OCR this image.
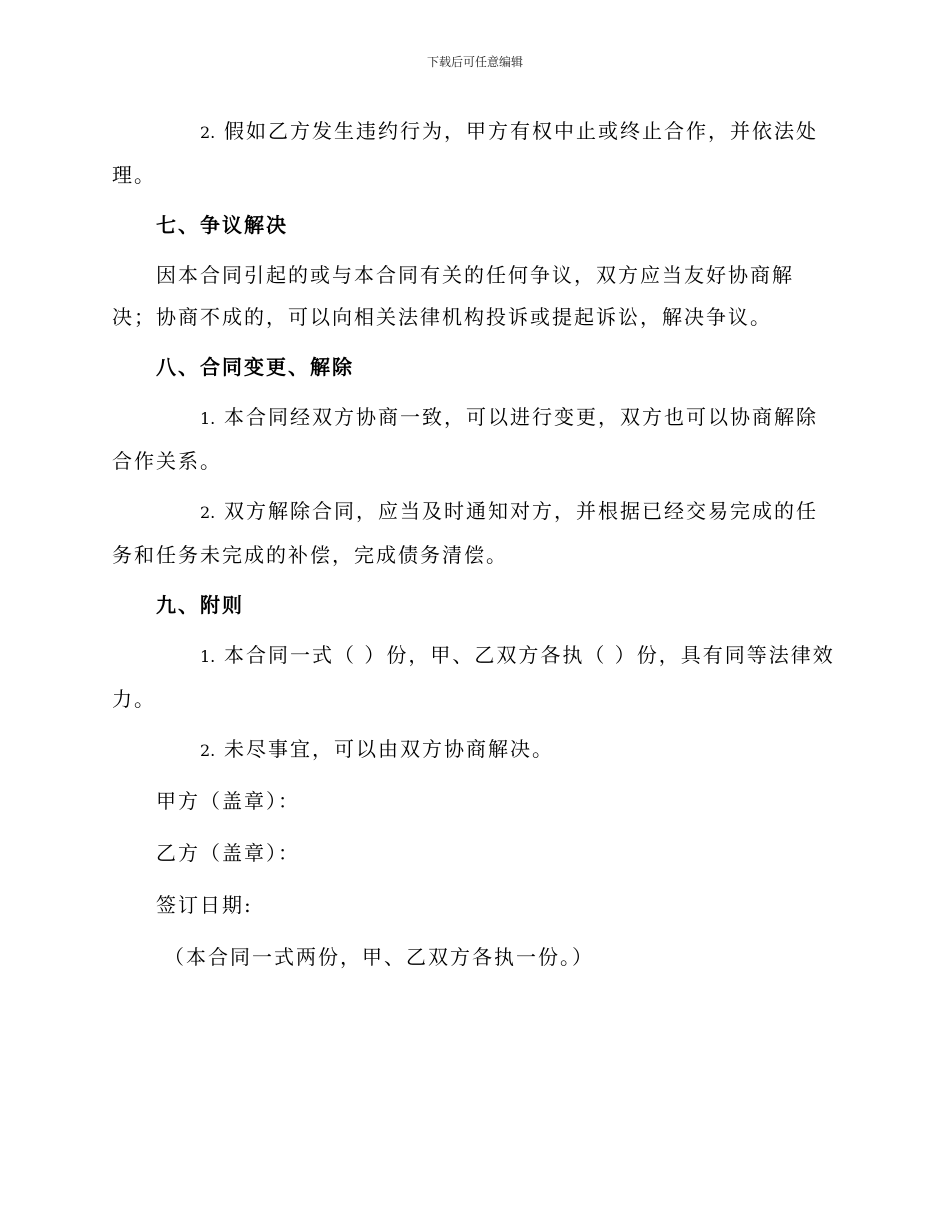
下载后可任意编辑

2. 假如乙方发生违约行为，甲方有权中止或终止合作，并依法处理。

七、争议解决

因本合同引起的或与本合同有关的任何争议，双方应当友好协商解决；协商不成的，可以向相关法律机构投诉或提起诉讼，解决争议。

八、合同变更、解除

1. 本合同经双方协商一致，可以进行变更，双方也可以协商解除合作关系。

2. 双方解除合同，应当及时通知对方，并根据已经交易完成的任务和任务未完成的补偿，完成债务清偿。

九、附则

1. 本合同一式（ ）份，甲、乙双方各执（ ）份，具有同等法律效力。

2. 未尽事宜，可以由双方协商解决。

甲方（盖章）：

乙方（盖章）：

签订日期:

（本合同一式两份，甲、乙双方各执一份。）
